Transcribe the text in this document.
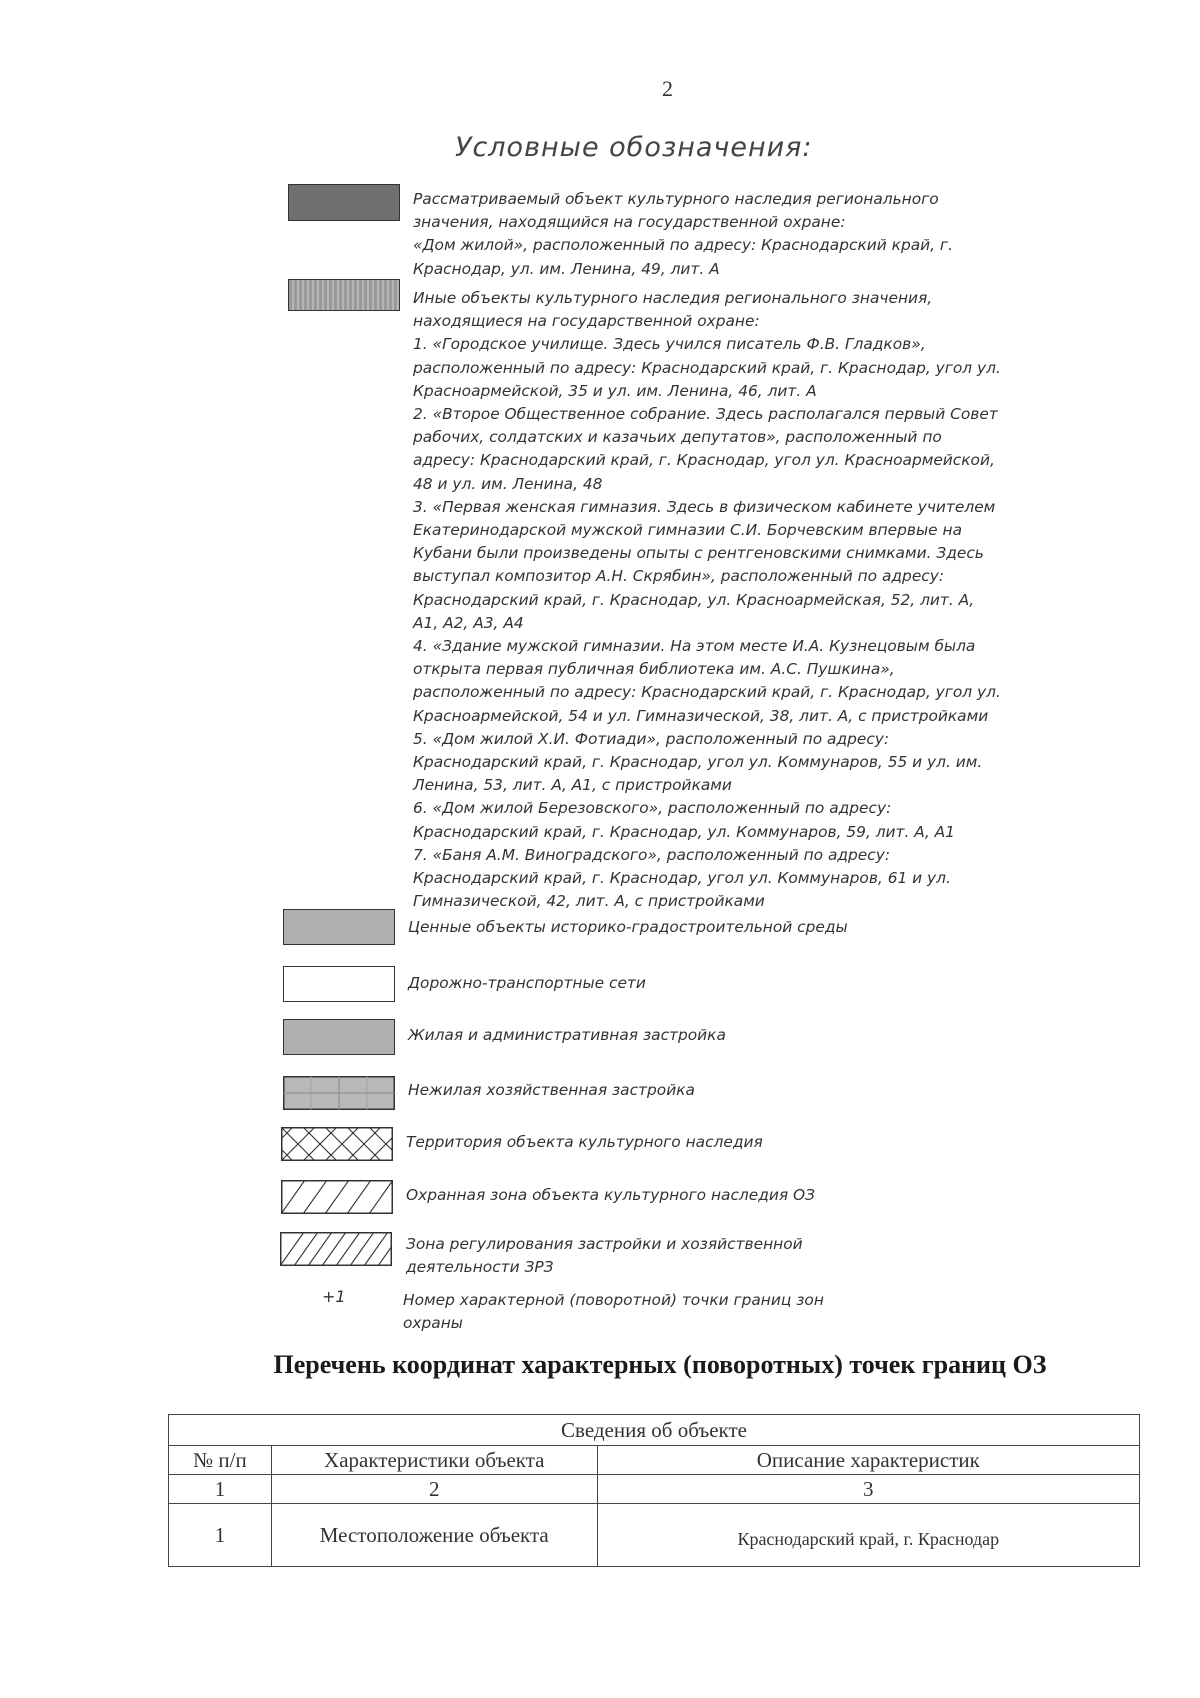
2
Условные обозначения:
Рассматриваемый объект культурного наследия регионального
значения, находящийся на государственной охране:
«Дом жилой», расположенный по адресу: Краснодарский край, г.
Краснодар, ул. им. Ленина, 49, лит. А
Иные объекты культурного наследия регионального значения,
находящиеся на государственной охране:
1. «Городское училище. Здесь учился писатель Ф.В. Гладков»,
расположенный по адресу: Краснодарский край, г. Краснодар, угол ул.
Красноармейской, 35 и ул. им. Ленина, 46, лит. А
2. «Второе Общественное собрание. Здесь располагался первый Совет
рабочих, солдатских и казачьих депутатов», расположенный по
адресу: Краснодарский край, г. Краснодар, угол ул. Красноармейской,
48 и ул. им. Ленина, 48
3. «Первая женская гимназия. Здесь в физическом кабинете учителем
Екатеринодарской мужской гимназии С.И. Борчевским впервые на
Кубани были произведены опыты с рентгеновскими снимками. Здесь
выступал композитор А.Н. Скрябин», расположенный по адресу:
Краснодарский край, г. Краснодар, ул. Красноармейская, 52, лит. А,
А1, А2, А3, А4
4. «Здание мужской гимназии. На этом месте И.А. Кузнецовым была
открыта первая публичная библиотека им. А.С. Пушкина»,
расположенный по адресу: Краснодарский край, г. Краснодар, угол ул.
Красноармейской, 54 и ул. Гимназической, 38, лит. А, с пристройками
5. «Дом жилой Х.И. Фотиади», расположенный по адресу:
Краснодарский край, г. Краснодар, угол ул. Коммунаров, 55 и ул. им.
Ленина, 53, лит. А, А1, с пристройками
6. «Дом жилой Березовского», расположенный по адресу:
Краснодарский край, г. Краснодар, ул. Коммунаров, 59, лит. А, А1
7. «Баня А.М. Виноградского», расположенный по адресу:
Краснодарский край, г. Краснодар, угол ул. Коммунаров, 61 и ул.
Гимназической, 42, лит. А, с пристройками
Ценные объекты историко-градостроительной среды
Дорожно-транспортные сети
Жилая и административная застройка
Нежилая хозяйственная застройка
Территория объекта культурного наследия
Охранная зона объекта культурного наследия ОЗ
Зона регулирования застройки и хозяйственной
деятельности ЗРЗ
+1	Номер характерной (поворотной) точки границ зон
охраны
Перечень координат характерных (поворотных) точек границ ОЗ
Сведения об объекте		
№ п/п	Характеристики объекта	Описание характеристик
1	2	3
1	Местоположение объекта	Краснодарский край, г. Краснодар
